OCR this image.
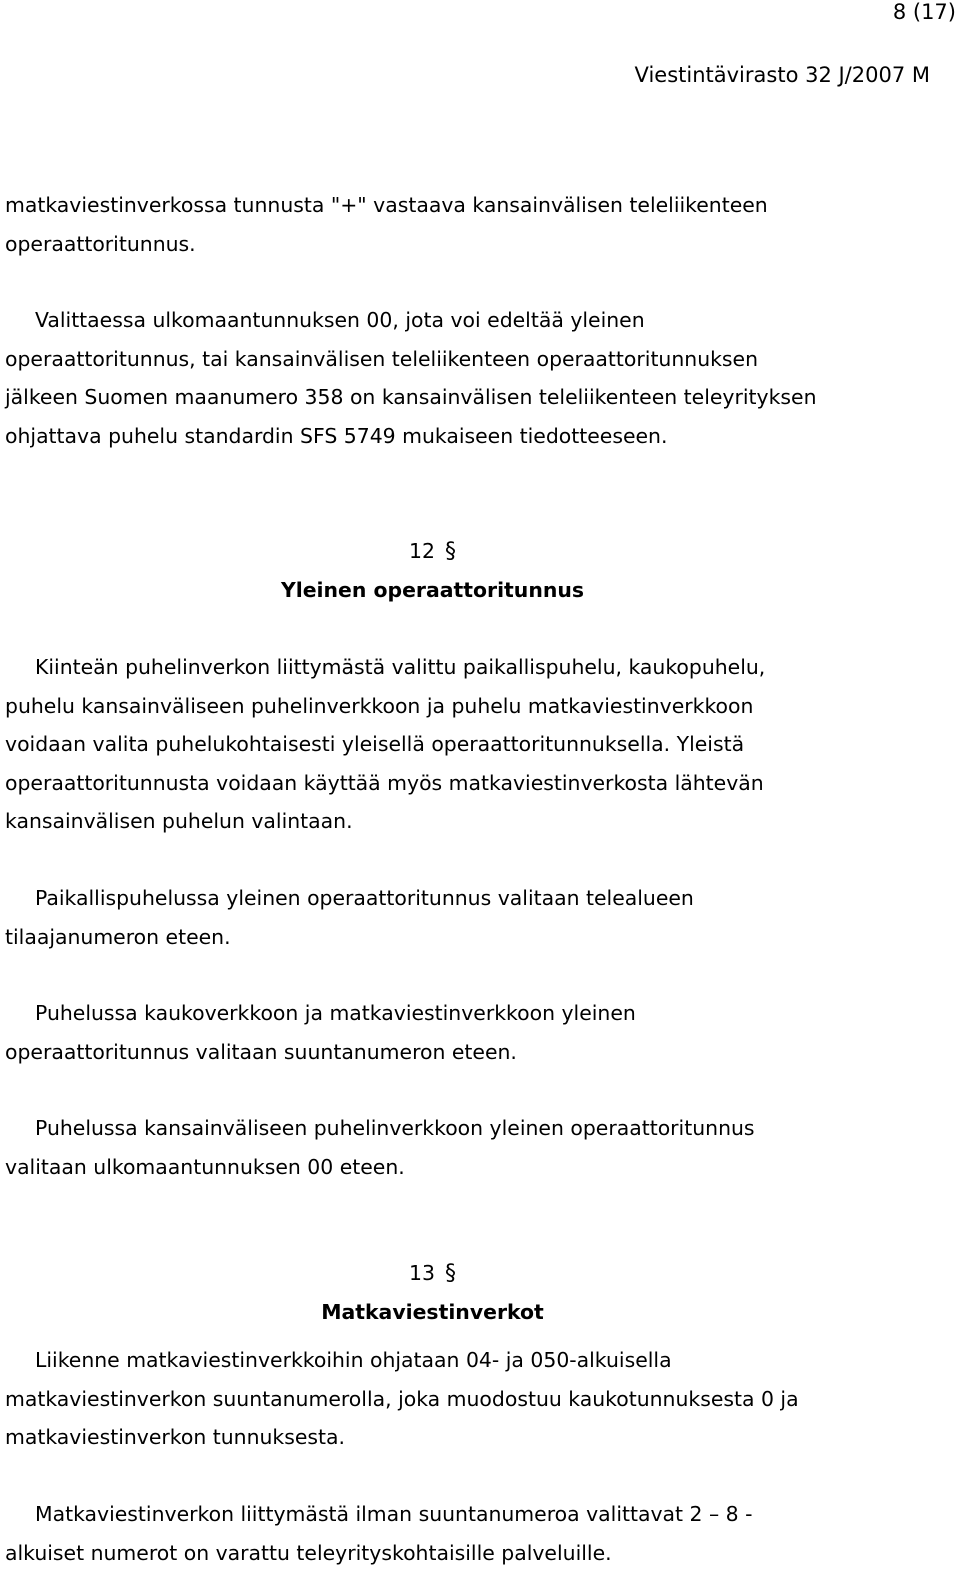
8 (17)
Viestintävirasto 32 J/2007 M
matkaviestinverkossa tunnusta "+" vastaava kansainvälisen teleliikenteen
operaattoritunnus.
Valittaessa ulkomaantunnuksen 00, jota voi edeltää yleinen
operaattoritunnus, tai kansainvälisen teleliikenteen operaattoritunnuksen
jälkeen Suomen maanumero 358 on kansainvälisen teleliikenteen teleyrityksen
ohjattava puhelu standardin SFS 5749 mukaiseen tiedotteeseen.
12 §
Yleinen operaattoritunnus
Kiinteän puhelinverkon liittymästä valittu paikallispuhelu, kaukopuhelu,
puhelu kansainväliseen puhelinverkkoon ja puhelu matkaviestinverkkoon
voidaan valita puhelukohtaisesti yleisellä operaattoritunnuksella. Yleistä
operaattoritunnusta voidaan käyttää myös matkaviestinverkosta lähtevän
kansainvälisen puhelun valintaan.
Paikallispuhelussa yleinen operaattoritunnus valitaan telealueen
tilaajanumeron eteen.
Puhelussa kaukoverkkoon ja matkaviestinverkkoon yleinen
operaattoritunnus valitaan suuntanumeron eteen.
Puhelussa kansainväliseen puhelinverkkoon yleinen operaattoritunnus
valitaan ulkomaantunnuksen 00 eteen.
13 §
Matkaviestinverkot
Liikenne matkaviestinverkkoihin ohjataan 04- ja 050-alkuisella
matkaviestinverkon suuntanumerolla, joka muodostuu kaukotunnuksesta 0 ja
matkaviestinverkon tunnuksesta.
Matkaviestinverkon liittymästä ilman suuntanumeroa valittavat 2 – 8 -
alkuiset numerot on varattu teleyrityskohtaisille palveluille.
